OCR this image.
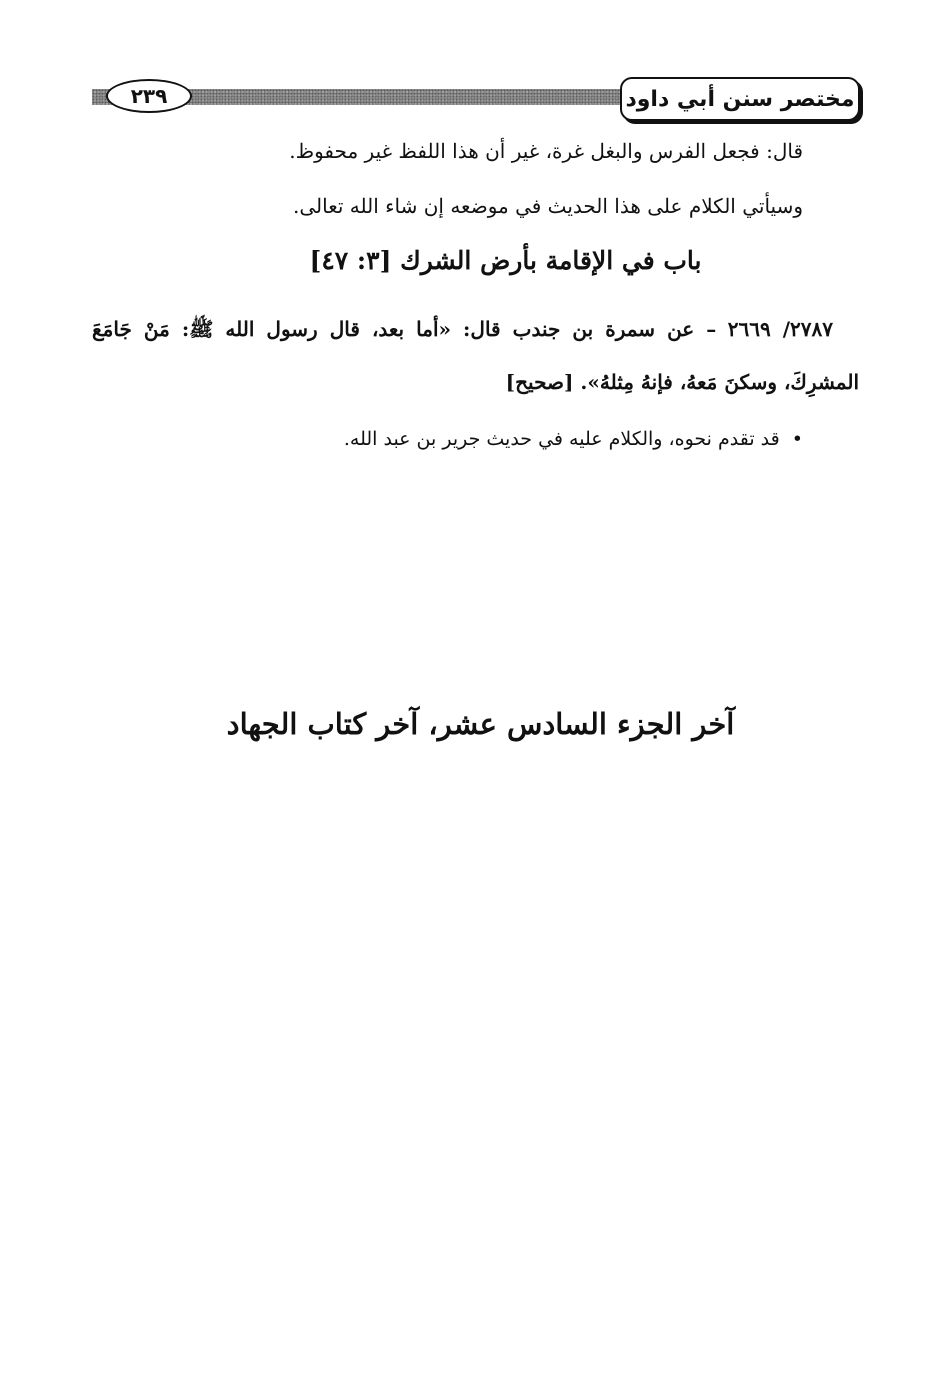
٢٣٩	مختصر سنن أبي داود
قال: فجعل الفرس والبغل غرة، غير أن هذا اللفظ غير محفوظ.
وسيأتي الكلام على هذا الحديث في موضعه إن شاء الله تعالى.
باب في الإقامة بأرض الشرك [٣: ٤٧]
٢٧٨٧/ ٢٦٦٩ – عن سمرة بن جندب قال: «أما بعد، قال رسول الله ﷺ: مَنْ جَامَعَ
المشرِكَ، وسكنَ مَعهُ، فإنهُ مِثلهُ». [صحيح]
• قد تقدم نحوه، والكلام عليه في حديث جرير بن عبد الله.
آخر الجزء السادس عشر، آخر كتاب الجهاد
